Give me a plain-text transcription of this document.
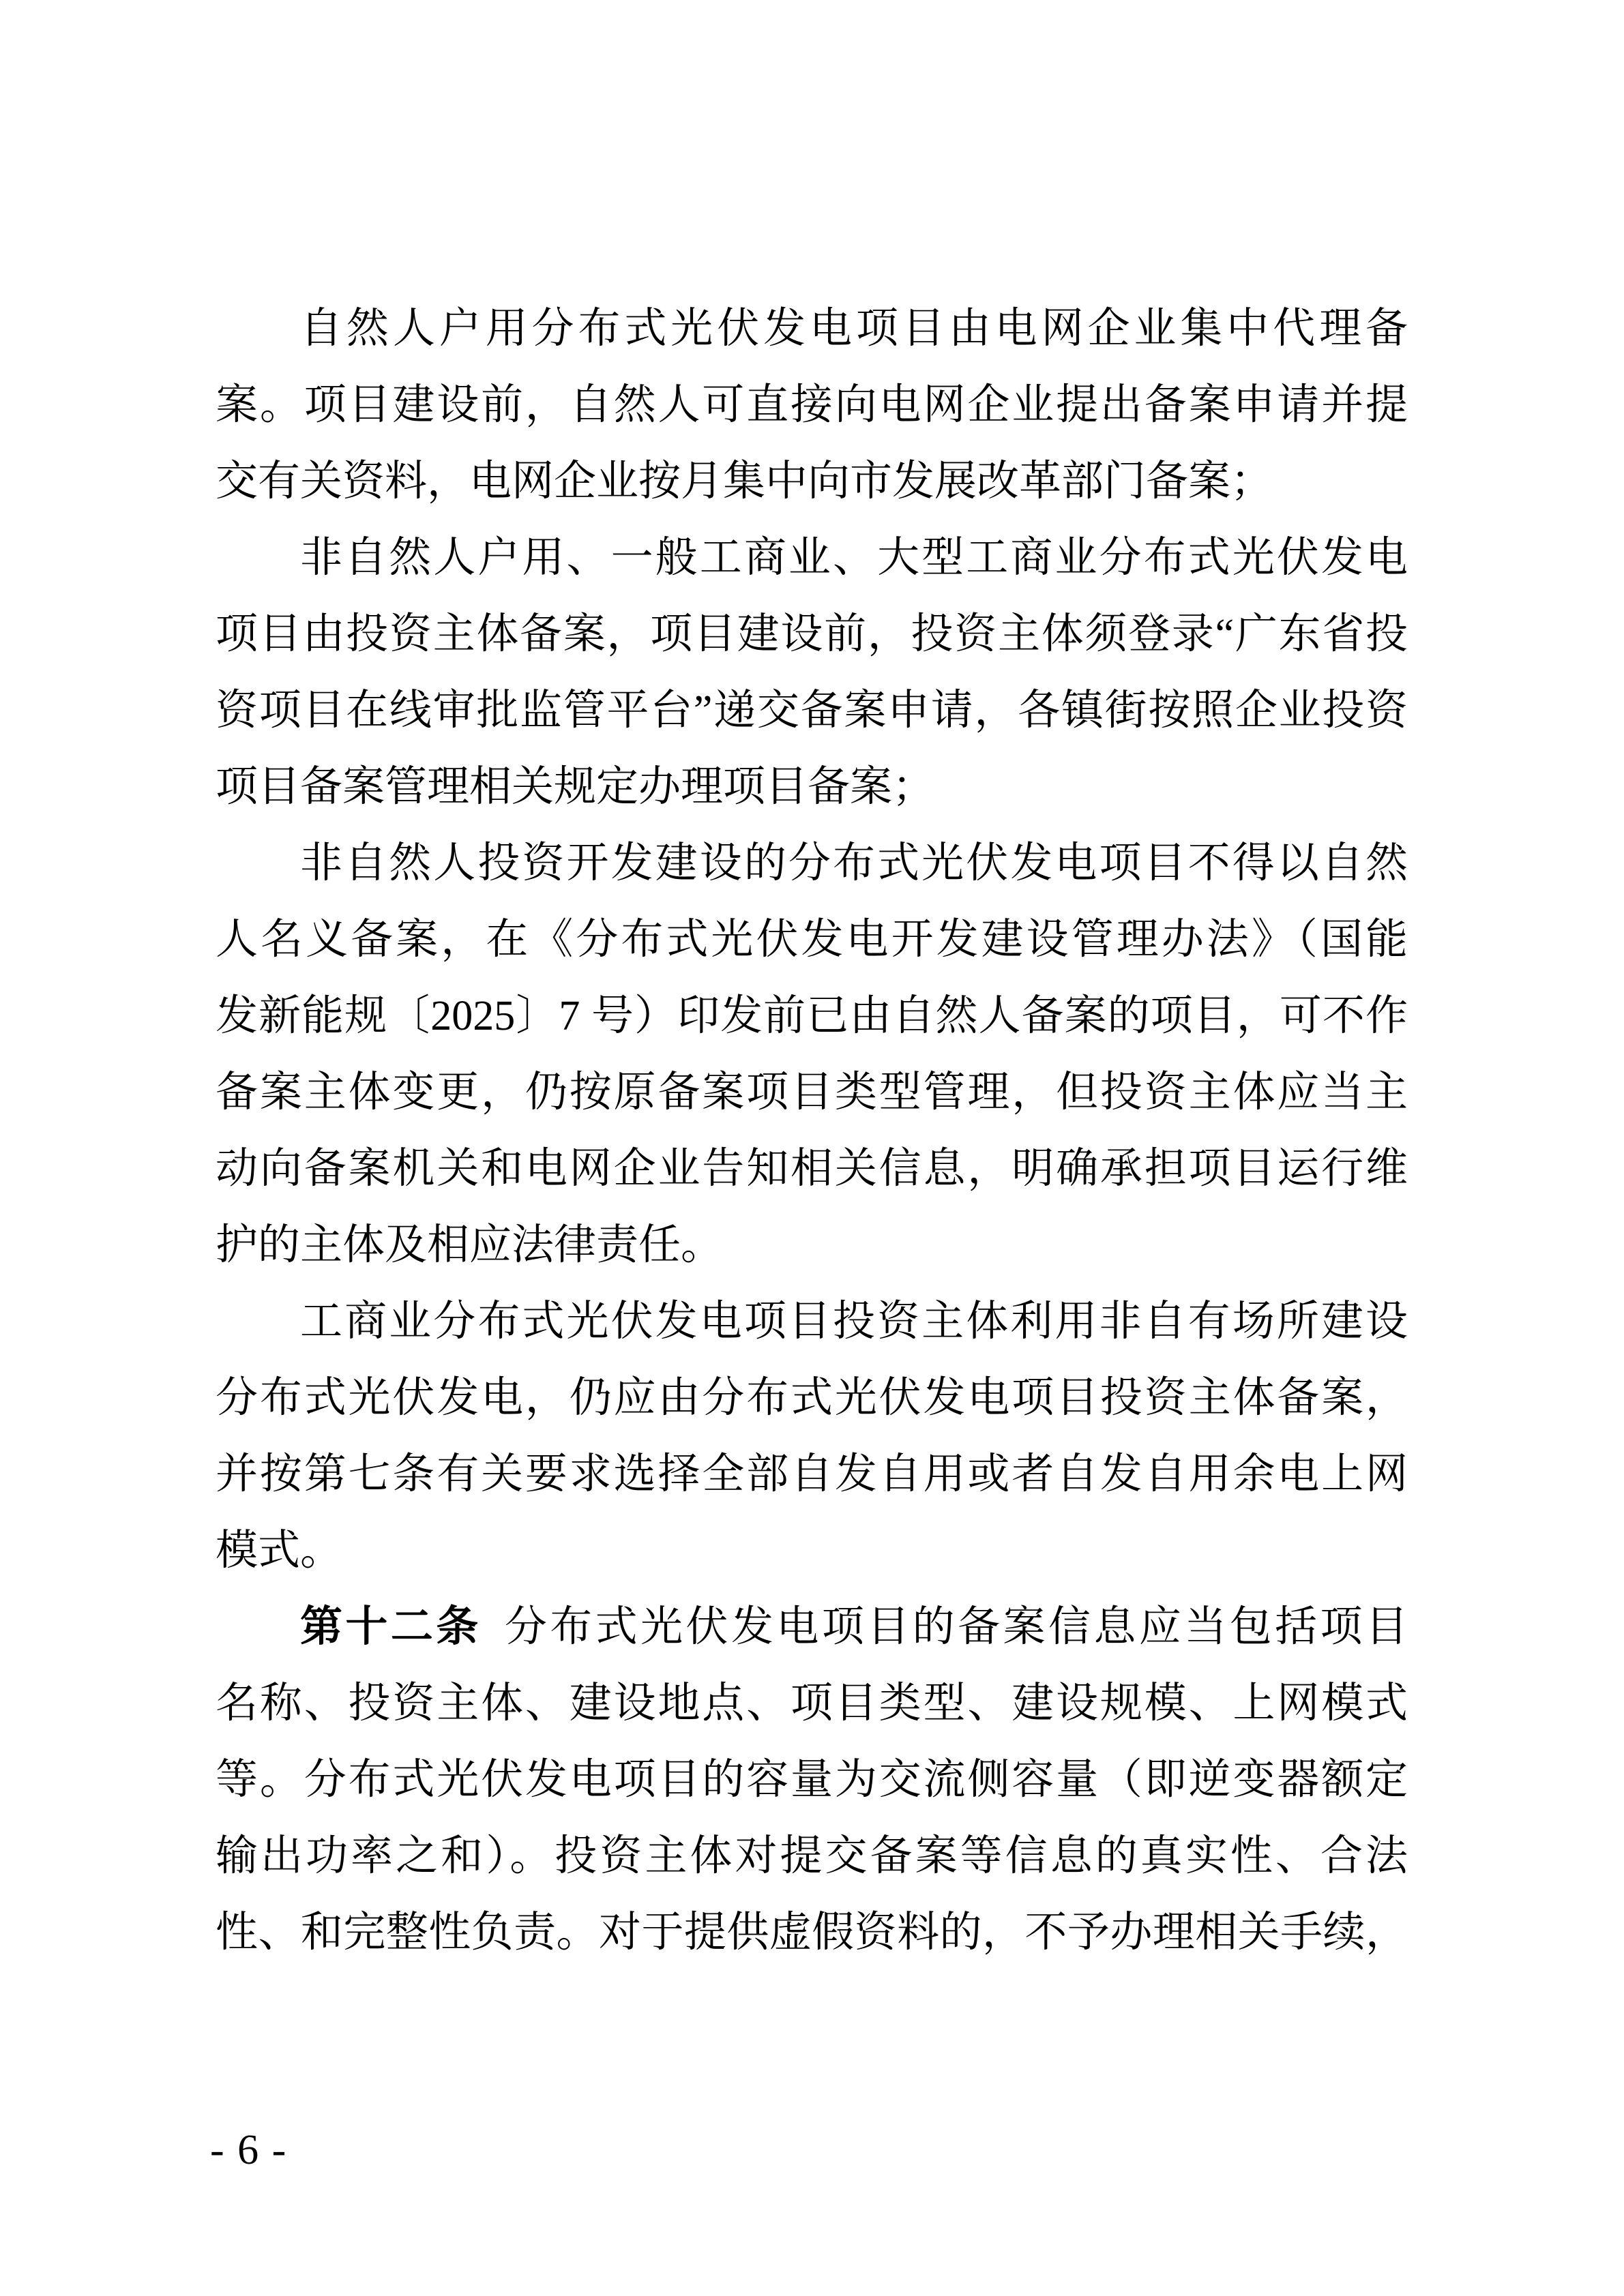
自然人户用分布式光伏发电项目由电网企业集中代理备
案。项目建设前，自然人可直接向电网企业提出备案申请并提
交有关资料，电网企业按月集中向市发展改革部门备案；
非自然人户用、一般工商业、大型工商业分布式光伏发电
项目由投资主体备案，项目建设前，投资主体须登录“广东省投
资项目在线审批监管平台”递交备案申请，各镇街按照企业投资
项目备案管理相关规定办理项目备案；
非自然人投资开发建设的分布式光伏发电项目不得以自然
人名义备案，在《分布式光伏发电开发建设管理办法》（国能
发新能规〔2025〕7 号）印发前已由自然人备案的项目，可不作
备案主体变更，仍按原备案项目类型管理，但投资主体应当主
动向备案机关和电网企业告知相关信息，明确承担项目运行维
护的主体及相应法律责任。
工商业分布式光伏发电项目投资主体利用非自有场所建设
分布式光伏发电，仍应由分布式光伏发电项目投资主体备案，
并按第七条有关要求选择全部自发自用或者自发自用余电上网
模式。
第十二条 分布式光伏发电项目的备案信息应当包括项目
名称、投资主体、建设地点、项目类型、建设规模、上网模式
等。分布式光伏发电项目的容量为交流侧容量（即逆变器额定
输出功率之和）。投资主体对提交备案等信息的真实性、合法
性、和完整性负责。对于提供虚假资料的，不予办理相关手续，
- 6 -
